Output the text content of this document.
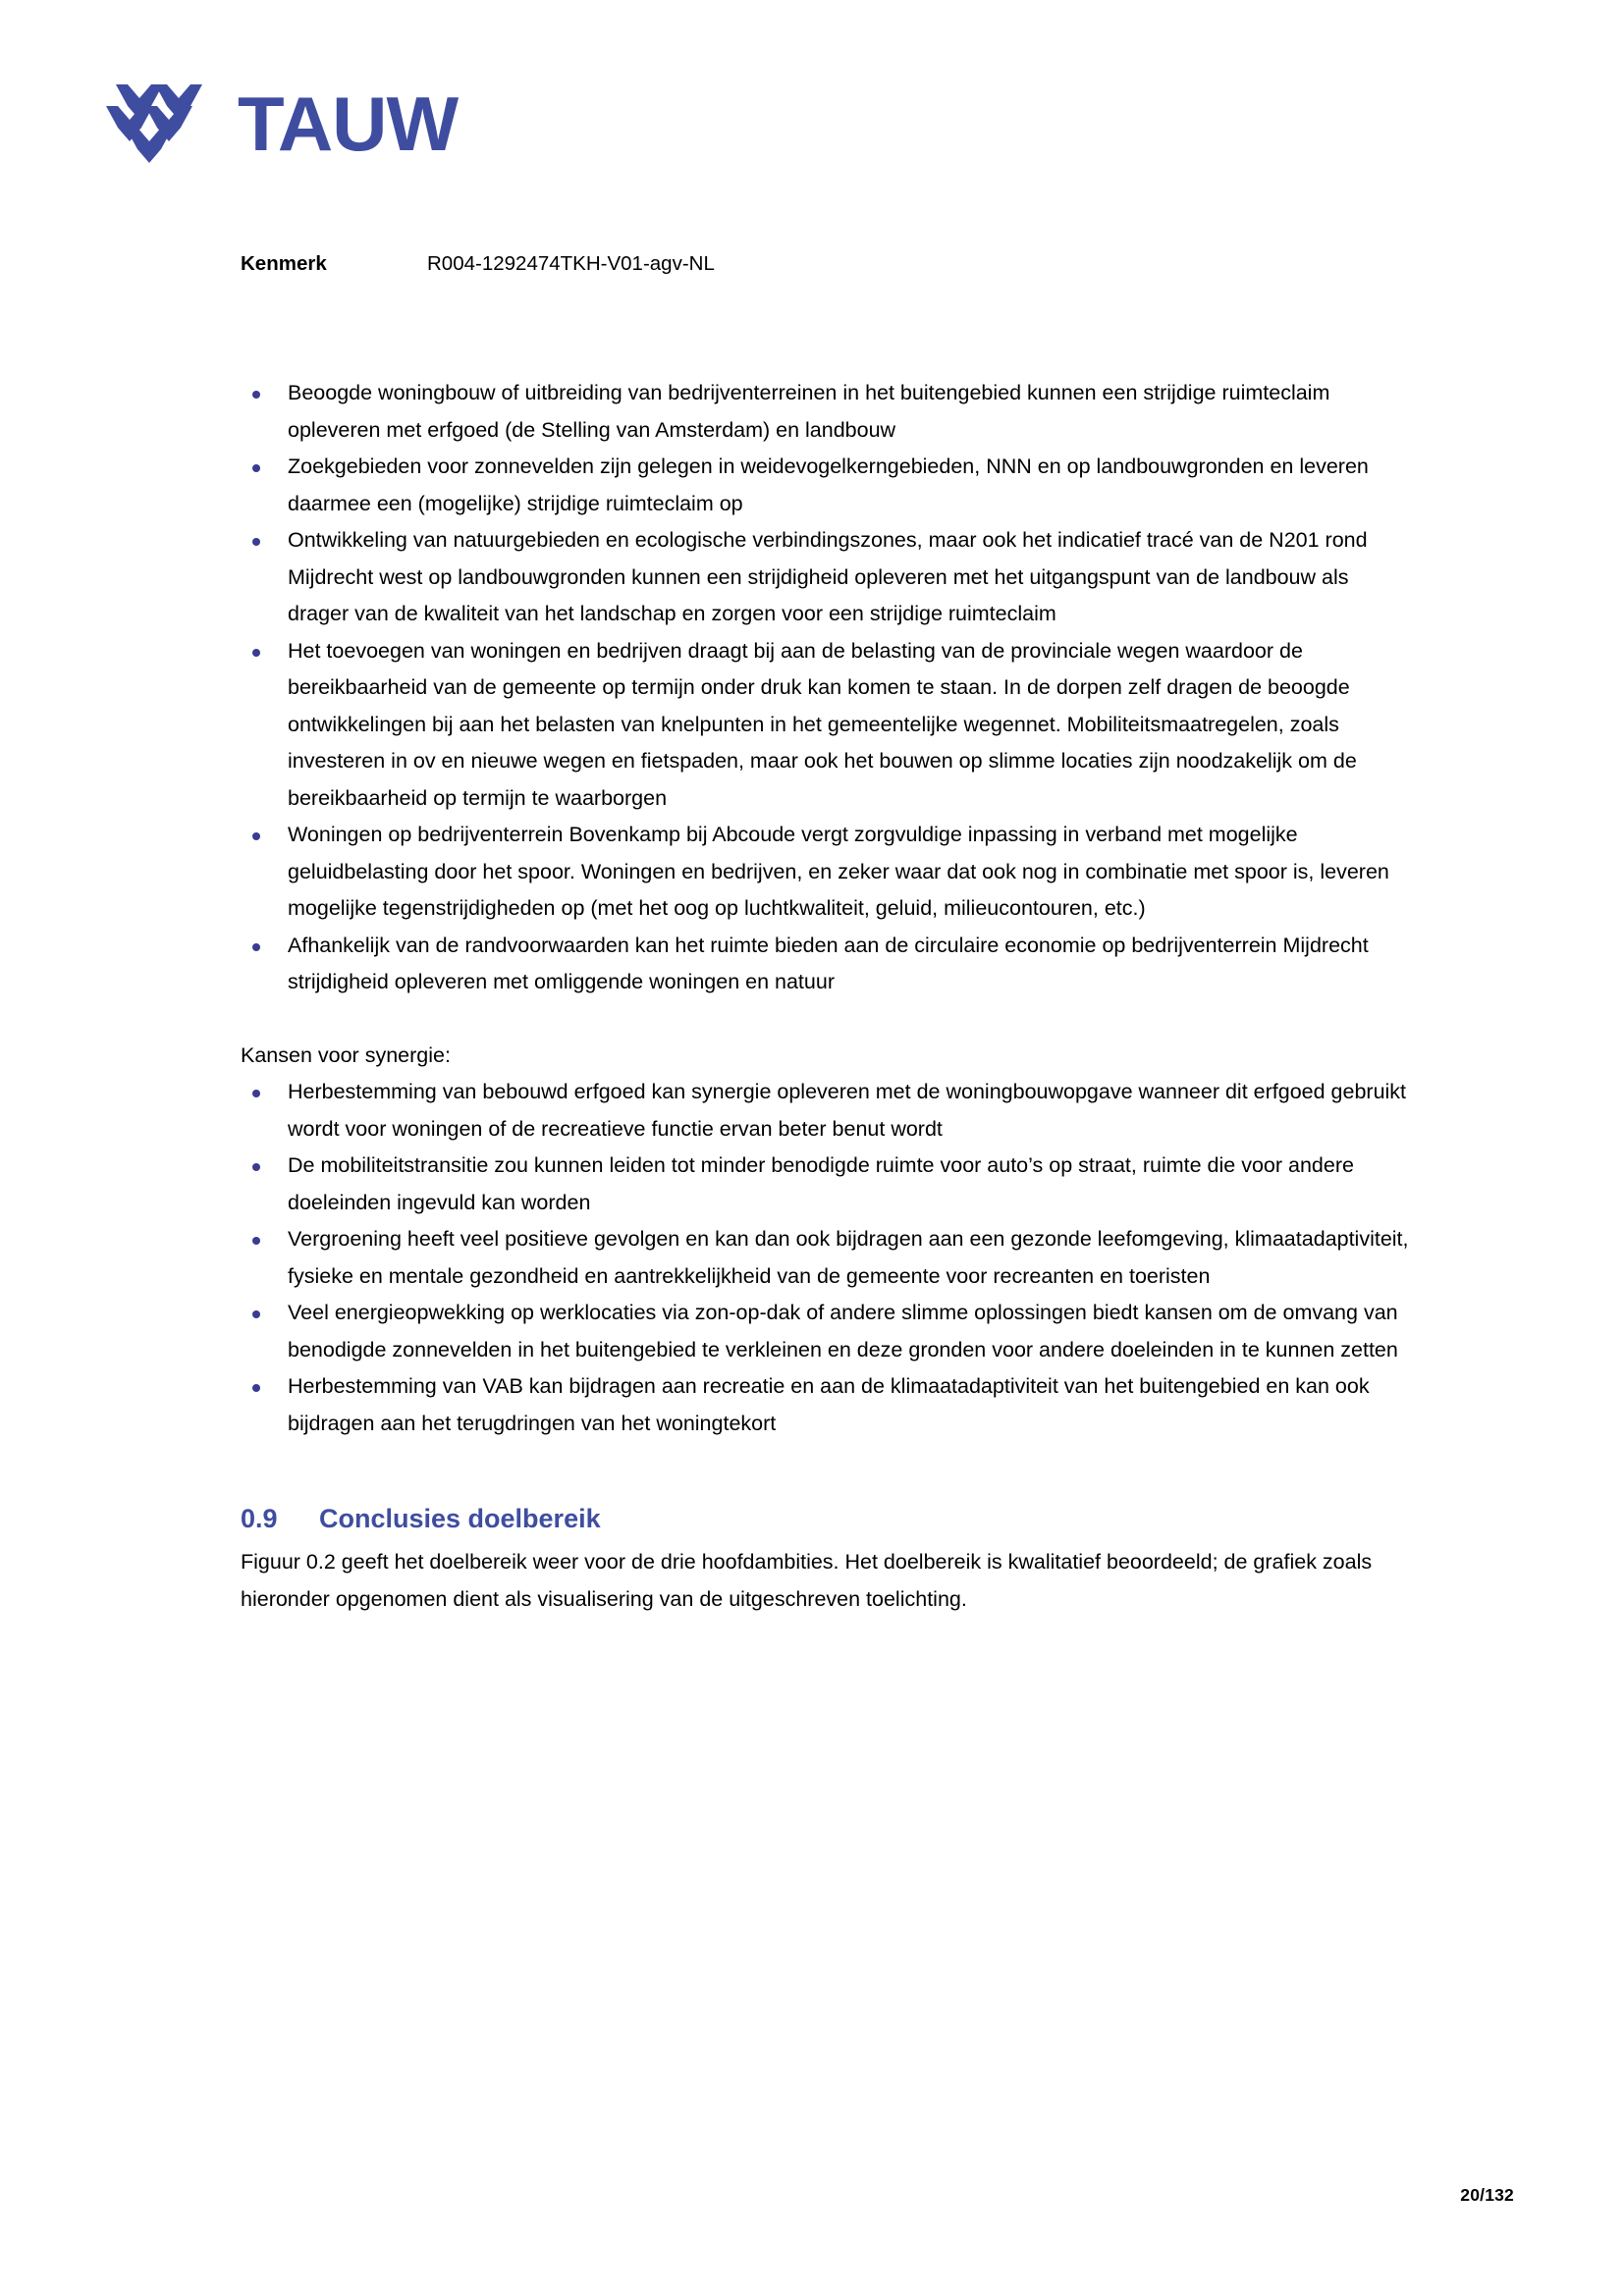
TAUW
Kenmerk	R004-1292474TKH-V01-agv-NL
Beoogde woningbouw of uitbreiding van bedrijventerreinen in het buitengebied kunnen een strijdige ruimteclaim opleveren met erfgoed (de Stelling van Amsterdam) en landbouw
Zoekgebieden voor zonnevelden zijn gelegen in weidevogelkerngebieden, NNN en op landbouwgronden en leveren daarmee een (mogelijke) strijdige ruimteclaim op
Ontwikkeling van natuurgebieden en ecologische verbindingszones, maar ook het indicatief tracé van de N201 rond Mijdrecht west op landbouwgronden kunnen een strijdigheid opleveren met het uitgangspunt van de landbouw als drager van de kwaliteit van het landschap en zorgen voor een strijdige ruimteclaim
Het toevoegen van woningen en bedrijven draagt bij aan de belasting van de provinciale wegen waardoor de bereikbaarheid van de gemeente op termijn onder druk kan komen te staan. In de dorpen zelf dragen de beoogde ontwikkelingen bij aan het belasten van knelpunten in het gemeentelijke wegennet. Mobiliteitsmaatregelen, zoals investeren in ov en nieuwe wegen en fietspaden, maar ook het bouwen op slimme locaties zijn noodzakelijk om de bereikbaarheid op termijn te waarborgen
Woningen op bedrijventerrein Bovenkamp bij Abcoude vergt zorgvuldige inpassing in verband met mogelijke geluidbelasting door het spoor. Woningen en bedrijven, en zeker waar dat ook nog in combinatie met spoor is, leveren mogelijke tegenstrijdigheden op (met het oog op luchtkwaliteit, geluid, milieucontouren, etc.)
Afhankelijk van de randvoorwaarden kan het ruimte bieden aan de circulaire economie op bedrijventerrein Mijdrecht strijdigheid opleveren met omliggende woningen en natuur

Kansen voor synergie:

Herbestemming van bebouwd erfgoed kan synergie opleveren met de woningbouwopgave wanneer dit erfgoed gebruikt wordt voor woningen of de recreatieve functie ervan beter benut wordt
De mobiliteitstransitie zou kunnen leiden tot minder benodigde ruimte voor auto’s op straat, ruimte die voor andere doeleinden ingevuld kan worden
Vergroening heeft veel positieve gevolgen en kan dan ook bijdragen aan een gezonde leefomgeving, klimaatadaptiviteit, fysieke en mentale gezondheid en aantrekkelijkheid van de gemeente voor recreanten en toeristen
Veel energieopwekking op werklocaties via zon-op-dak of andere slimme oplossingen biedt kansen om de omvang van benodigde zonnevelden in het buitengebied te verkleinen en deze gronden voor andere doeleinden in te kunnen zetten
Herbestemming van VAB kan bijdragen aan recreatie en aan de klimaatadaptiviteit van het buitengebied en kan ook bijdragen aan het terugdringen van het woningtekort
0.9	Conclusies doelbereik

Figuur 0.2 geeft het doelbereik weer voor de drie hoofdambities. Het doelbereik is kwalitatief beoordeeld; de grafiek zoals hieronder opgenomen dient als visualisering van de uitgeschreven toelichting.

20/132
